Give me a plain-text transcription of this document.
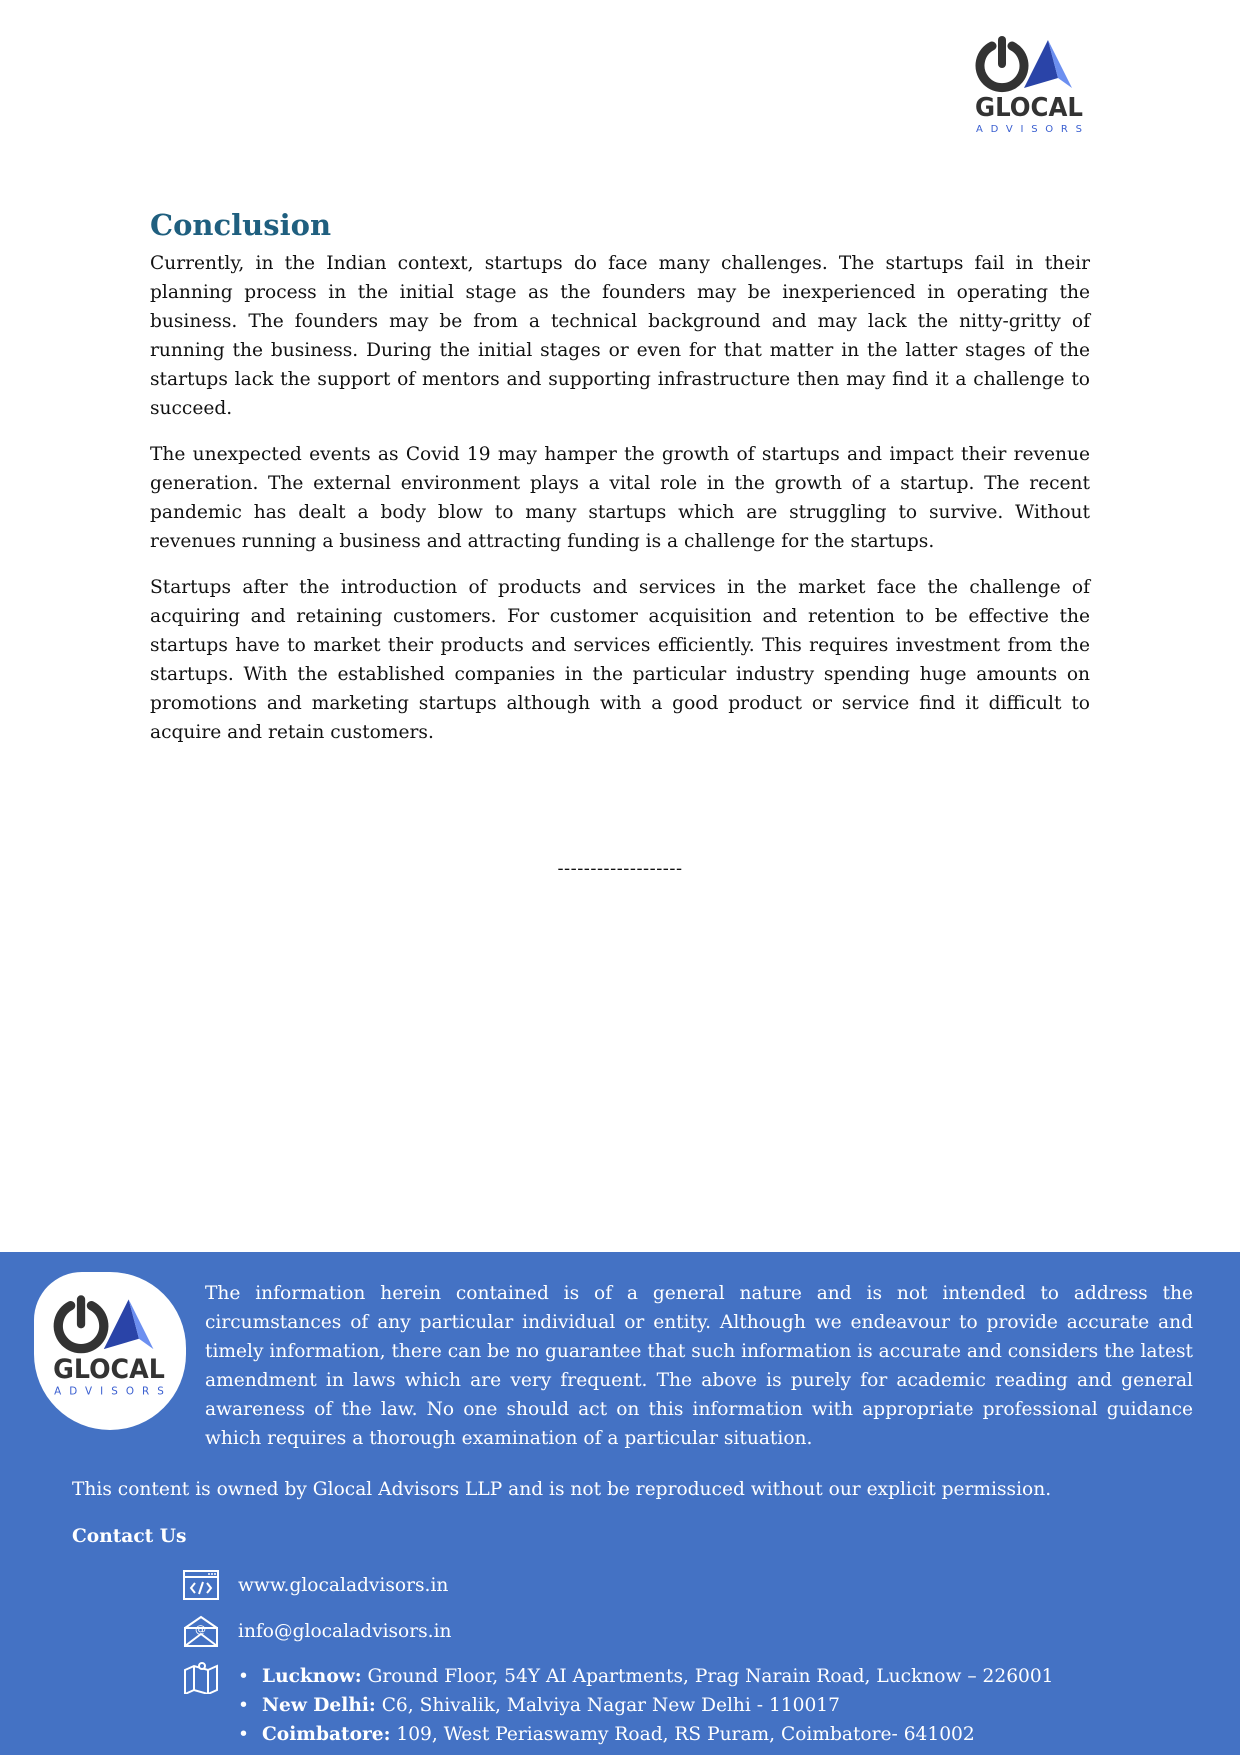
GLOCAL
ADVISORS
Conclusion

Currently, in the Indian context, startups do face many challenges. The startups fail in their planning process in the initial stage as the founders may be inexperienced in operating the business. The founders may be from a technical background and may lack the nitty-gritty of running the business. During the initial stages or even for that matter in the latter stages of the startups lack the support of mentors and supporting infrastructure then may find it a challenge to succeed.

The unexpected events as Covid 19 may hamper the growth of startups and impact their revenue generation. The external environment plays a vital role in the growth of a startup. The recent pandemic has dealt a body blow to many startups which are struggling to survive. Without revenues running a business and attracting funding is a challenge for the startups.

Startups after the introduction of products and services in the market face the challenge of acquiring and retaining customers. For customer acquisition and retention to be effective the startups have to market their products and services efficiently. This requires investment from the startups. With the established companies in the particular industry spending huge amounts on promotions and marketing startups although with a good product or service find it difficult to acquire and retain customers.

-------------------
GLOCAL
ADVISORS

The information herein contained is of a general nature and is not intended to address the circumstances of any particular individual or entity. Although we endeavour to provide accurate and timely information, there can be no guarantee that such information is accurate and considers the latest amendment in laws which are very frequent. The above is purely for academic reading and general awareness of the law. No one should act on this information with appropriate professional guidance which requires a thorough examination of a particular situation.

This content is owned by Glocal Advisors LLP and is not be reproduced without our explicit permission.

Contact Us

www.glocaladvisors.in
@ info@glocaladvisors.in
• Lucknow: Ground Floor, 54Y AI Apartments, Prag Narain Road, Lucknow – 226001
• New Delhi: C6, Shivalik, Malviya Nagar New Delhi - 110017
• Coimbatore: 109, West Periaswamy Road, RS Puram, Coimbatore- 641002
